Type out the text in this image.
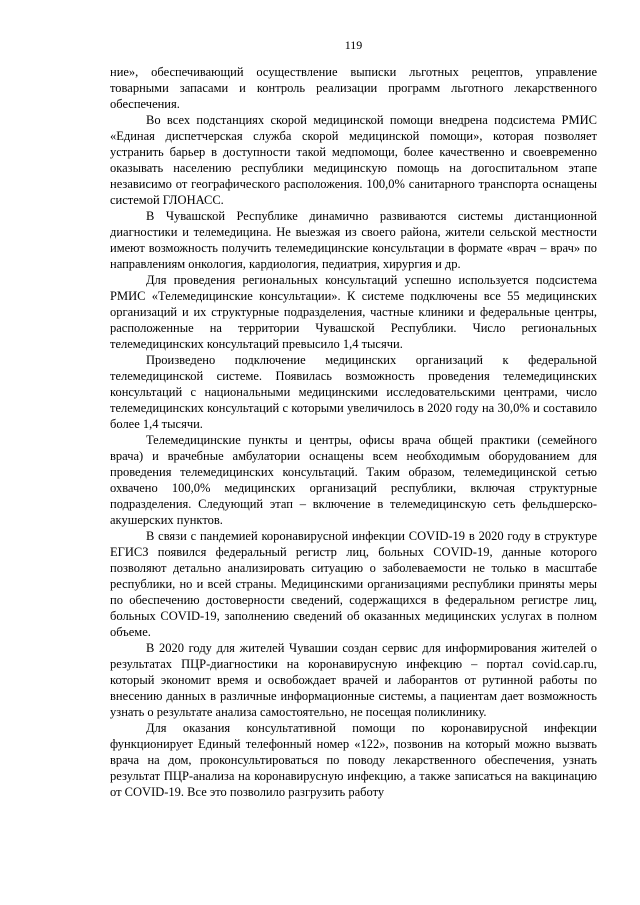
119

ние», обеспечивающий осуществление выписки льготных рецептов, управление товарными запасами и контроль реализации программ льготного лекарственного обеспечения.

Во всех подстанциях скорой медицинской помощи внедрена подсистема РМИС «Единая диспетчерская служба скорой медицинской помощи», которая позволяет устранить барьер в доступности такой медпомощи, более качественно и своевременно оказывать населению республики медицинскую помощь на догоспитальном этапе независимо от географического расположения. 100,0% санитарного транспорта оснащены системой ГЛОНАСС.

В Чувашской Республике динамично развиваются системы дистанционной диагностики и телемедицина. Не выезжая из своего района, жители сельской местности имеют возможность получить телемедицинские консультации в формате «врач – врач» по направлениям онкология, кардиология, педиатрия, хирургия и др.

Для проведения региональных консультаций успешно используется подсистема РМИС «Телемедицинские консультации». К системе подключены все 55 медицинских организаций и их структурные подразделения, частные клиники и федеральные центры, расположенные на территории Чувашской Республики. Число региональных телемедицинских консультаций превысило 1,4 тысячи.

Произведено подключение медицинских организаций к федеральной телемедицинской системе. Появилась возможность проведения телемедицинских консультаций с национальными медицинскими исследовательскими центрами, число телемедицинских консультаций с которыми увеличилось в 2020 году на 30,0% и составило более 1,4 тысячи.

Телемедицинские пункты и центры, офисы врача общей практики (семейного врача) и врачебные амбулатории оснащены всем необходимым оборудованием для проведения телемедицинских консультаций. Таким образом, телемедицинской сетью охвачено 100,0% медицинских организаций республики, включая структурные подразделения. Следующий этап – включение в телемедицинскую сеть фельдшерско-акушерских пунктов.

В связи с пандемией коронавирусной инфекции COVID-19 в 2020 году в структуре ЕГИСЗ появился федеральный регистр лиц, больных COVID-19, данные которого позволяют детально анализировать ситуацию о заболеваемости не только в масштабе республики, но и всей страны. Медицинскими организациями республики приняты меры по обеспечению достоверности сведений, содержащихся в федеральном регистре лиц, больных COVID-19, заполнению сведений об оказанных медицинских услугах в полном объеме.

В 2020 году для жителей Чувашии создан сервис для информирования жителей о результатах ПЦР-диагностики на коронавирусную инфекцию – портал covid.cap.ru, который экономит время и освобождает врачей и лаборантов от рутинной работы по внесению данных в различные информационные системы, а пациентам дает возможность узнать о результате анализа самостоятельно, не посещая поликлинику.

Для оказания консультативной помощи по коронавирусной инфекции функционирует Единый телефонный номер «122», позвонив на который можно вызвать врача на дом, проконсультироваться по поводу лекарственного обеспечения, узнать результат ПЦР-анализа на коронавирусную инфекцию, а также записаться на вакцинацию от COVID-19. Все это позволило разгрузить работу
